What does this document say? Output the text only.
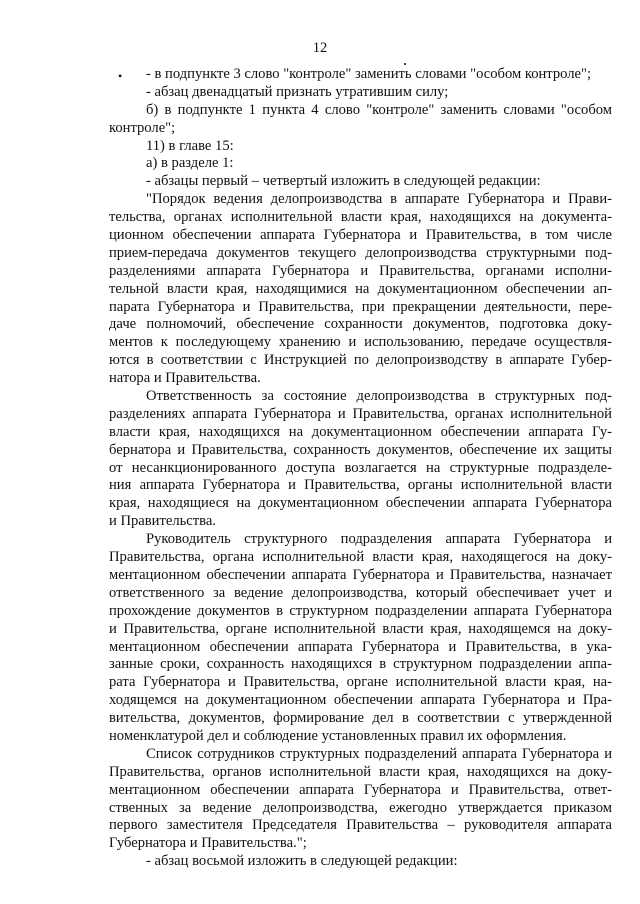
12
•	- в подпункте 3 слово "контроле" заменить словами "особом контроле";
- абзац двенадцатый признать утратившим силу;
б) в подпункте 1 пункта 4 слово "контроле" заменить словами "особом
контроле";
11) в главе 15:
а) в разделе 1:
- абзацы первый – четвертый изложить в следующей редакции:
"Порядок ведения делопроизводства в аппарате Губернатора и Прави-
тельства, органах исполнительной власти края, находящихся на документа-
ционном обеспечении аппарата Губернатора и Правительства, в том числе
прием-передача документов текущего делопроизводства структурными под-
разделениями аппарата Губернатора и Правительства, органами исполни-
тельной власти края, находящимися на документационном обеспечении ап-
парата Губернатора и Правительства, при прекращении деятельности, пере-
даче полномочий, обеспечение сохранности документов, подготовка доку-
ментов к последующему хранению и использованию, передаче осуществля-
ются в соответствии с Инструкцией по делопроизводству в аппарате Губер-
натора и Правительства.
Ответственность за состояние делопроизводства в структурных под-
разделениях аппарата Губернатора и Правительства, органах исполнительной
власти края, находящихся на документационном обеспечении аппарата Гу-
бернатора и Правительства, сохранность документов, обеспечение их защиты
от несанкционированного доступа возлагается на структурные подразделе-
ния аппарата Губернатора и Правительства, органы исполнительной власти
края, находящиеся на документационном обеспечении аппарата Губернатора
и Правительства.
Руководитель структурного подразделения аппарата Губернатора и
Правительства, органа исполнительной власти края, находящегося на доку-
ментационном обеспечении аппарата Губернатора и Правительства, назначает
ответственного за ведение делопроизводства, который обеспечивает учет и
прохождение документов в структурном подразделении аппарата Губернатора
и Правительства, органе исполнительной власти края, находящемся на доку-
ментационном обеспечении аппарата Губернатора и Правительства, в ука-
занные сроки, сохранность находящихся в структурном подразделении аппа-
рата Губернатора и Правительства, органе исполнительной власти края, на-
ходящемся на документационном обеспечении аппарата Губернатора и Пра-
вительства, документов, формирование дел в соответствии с утвержденной
номенклатурой дел и соблюдение установленных правил их оформления.
Список сотрудников структурных подразделений аппарата Губернатора и
Правительства, органов исполнительной власти края, находящихся на доку-
ментационном обеспечении аппарата Губернатора и Правительства, ответ-
ственных за ведение делопроизводства, ежегодно утверждается приказом
первого заместителя Председателя Правительства – руководителя аппарата
Губернатора и Правительства.";
- абзац восьмой изложить в следующей редакции:
